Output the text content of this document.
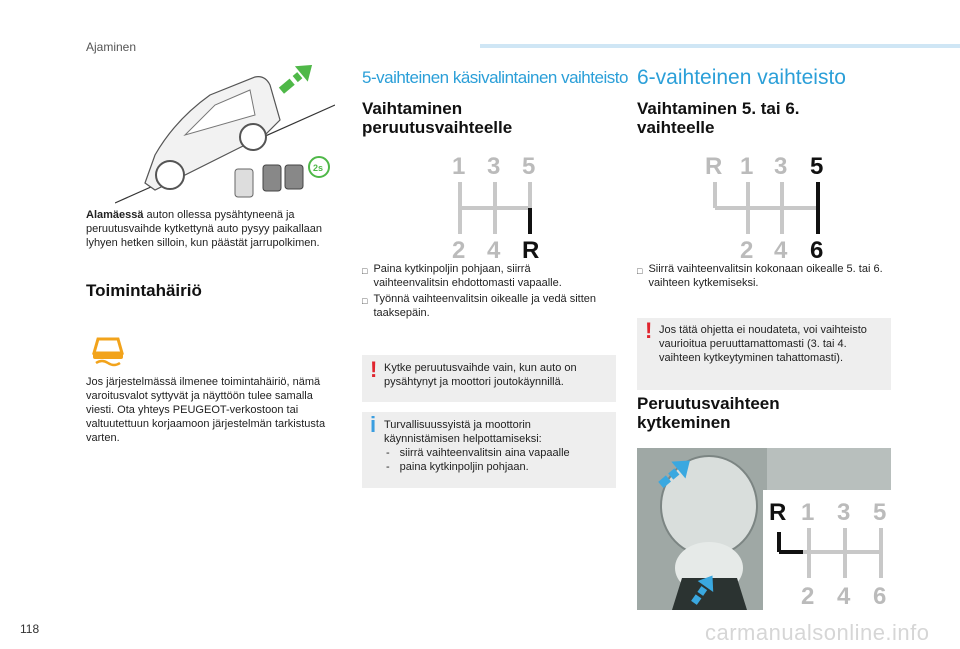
Ajaminen
2s
Alamäessä auton ollessa pysähtyneenä ja peruutusvaihde kytkettynä auto pysyy paikallaan lyhyen hetken silloin, kun päästät jarrupolkimen.
Toimintahäiriö
Jos järjestelmässä ilmenee toimintahäiriö, nämä varoitusvalot syttyvät ja näyttöön tulee samalla viesti. Ota yhteys PEUGEOT-verkostoon tai valtuutettuun korjaamoon järjestelmän tarkistusta varten.
5-vaihteinen käsivalintainen vaihteisto
Vaihtaminen
peruutusvaihteelle
1 3 5
2 4 R
□ Paina kytkinpoljin pohjaan, siirrä vaihteenvalitsin ehdottomasti vapaalle.
□ Työnnä vaihteenvalitsin oikealle ja vedä sitten taaksepäin.
! Kytke peruutusvaihde vain, kun auto on pysähtynyt ja moottori joutokäynnillä.
i Turvallisuussyistä ja moottorin käynnistämisen helpottamiseksi:
- siirrä vaihteenvalitsin aina vapaalle
- paina kytkinpoljin pohjaan.
6-vaihteinen vaihteisto
Vaihtaminen 5. tai 6.
vaihteelle
R 1 3 5
2 4 6
□ Siirrä vaihteenvalitsin kokonaan oikealle 5. tai 6. vaihteen kytkemiseksi.
! Jos tätä ohjetta ei noudateta, voi vaihteisto vaurioitua peruuttamattomasti (3. tai 4. vaihteen kytkeytyminen tahattomasti).
Peruutusvaihteen
kytkeminen
R 1 3 5
2 4 6
118	carmanualsonline.info
